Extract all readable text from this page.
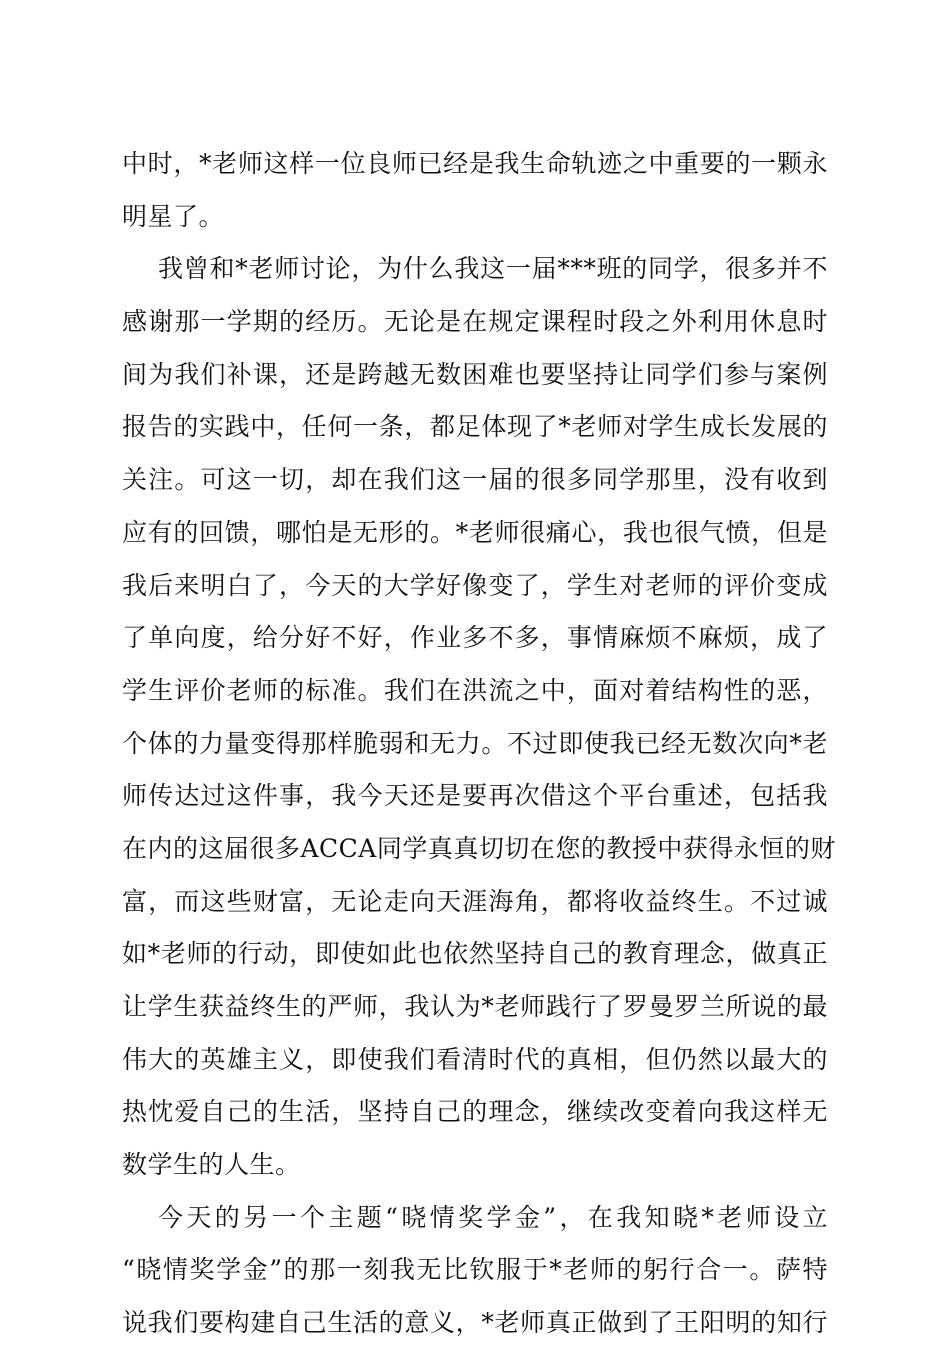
中时，*老师这样一位良师已经是我生命轨迹之中重要的一颗永
明星了。
我曾和*老师讨论，为什么我这一届***班的同学，很多并不
感谢那一学期的经历。无论是在规定课程时段之外利用休息时
间为我们补课，还是跨越无数困难也要坚持让同学们参与案例
报告的实践中，任何一条，都足体现了*老师对学生成长发展的
关注。可这一切，却在我们这一届的很多同学那里，没有收到
应有的回馈，哪怕是无形的。*老师很痛心，我也很气愤，但是
我后来明白了，今天的大学好像变了，学生对老师的评价变成
了单向度，给分好不好，作业多不多，事情麻烦不麻烦，成了
学生评价老师的标准。我们在洪流之中，面对着结构性的恶，
个体的力量变得那样脆弱和无力。不过即使我已经无数次向*老
师传达过这件事，我今天还是要再次借这个平台重述，包括我
在内的这届很多ACCA同学真真切切在您的教授中获得永恒的财
富，而这些财富，无论走向天涯海角，都将收益终生。不过诚
如*老师的行动，即使如此也依然坚持自己的教育理念，做真正
让学生获益终生的严师，我认为*老师践行了罗曼罗兰所说的最
伟大的英雄主义，即使我们看清时代的真相，但仍然以最大的
热忱爱自己的生活，坚持自己的理念，继续改变着向我这样无
数学生的人生。
今天的另一个主题“晓情奖学金”，在我知晓*老师设立
“晓情奖学金”的那一刻我无比钦服于*老师的躬行合一。萨特
说我们要构建自己生活的意义，*老师真正做到了王阳明的知行
